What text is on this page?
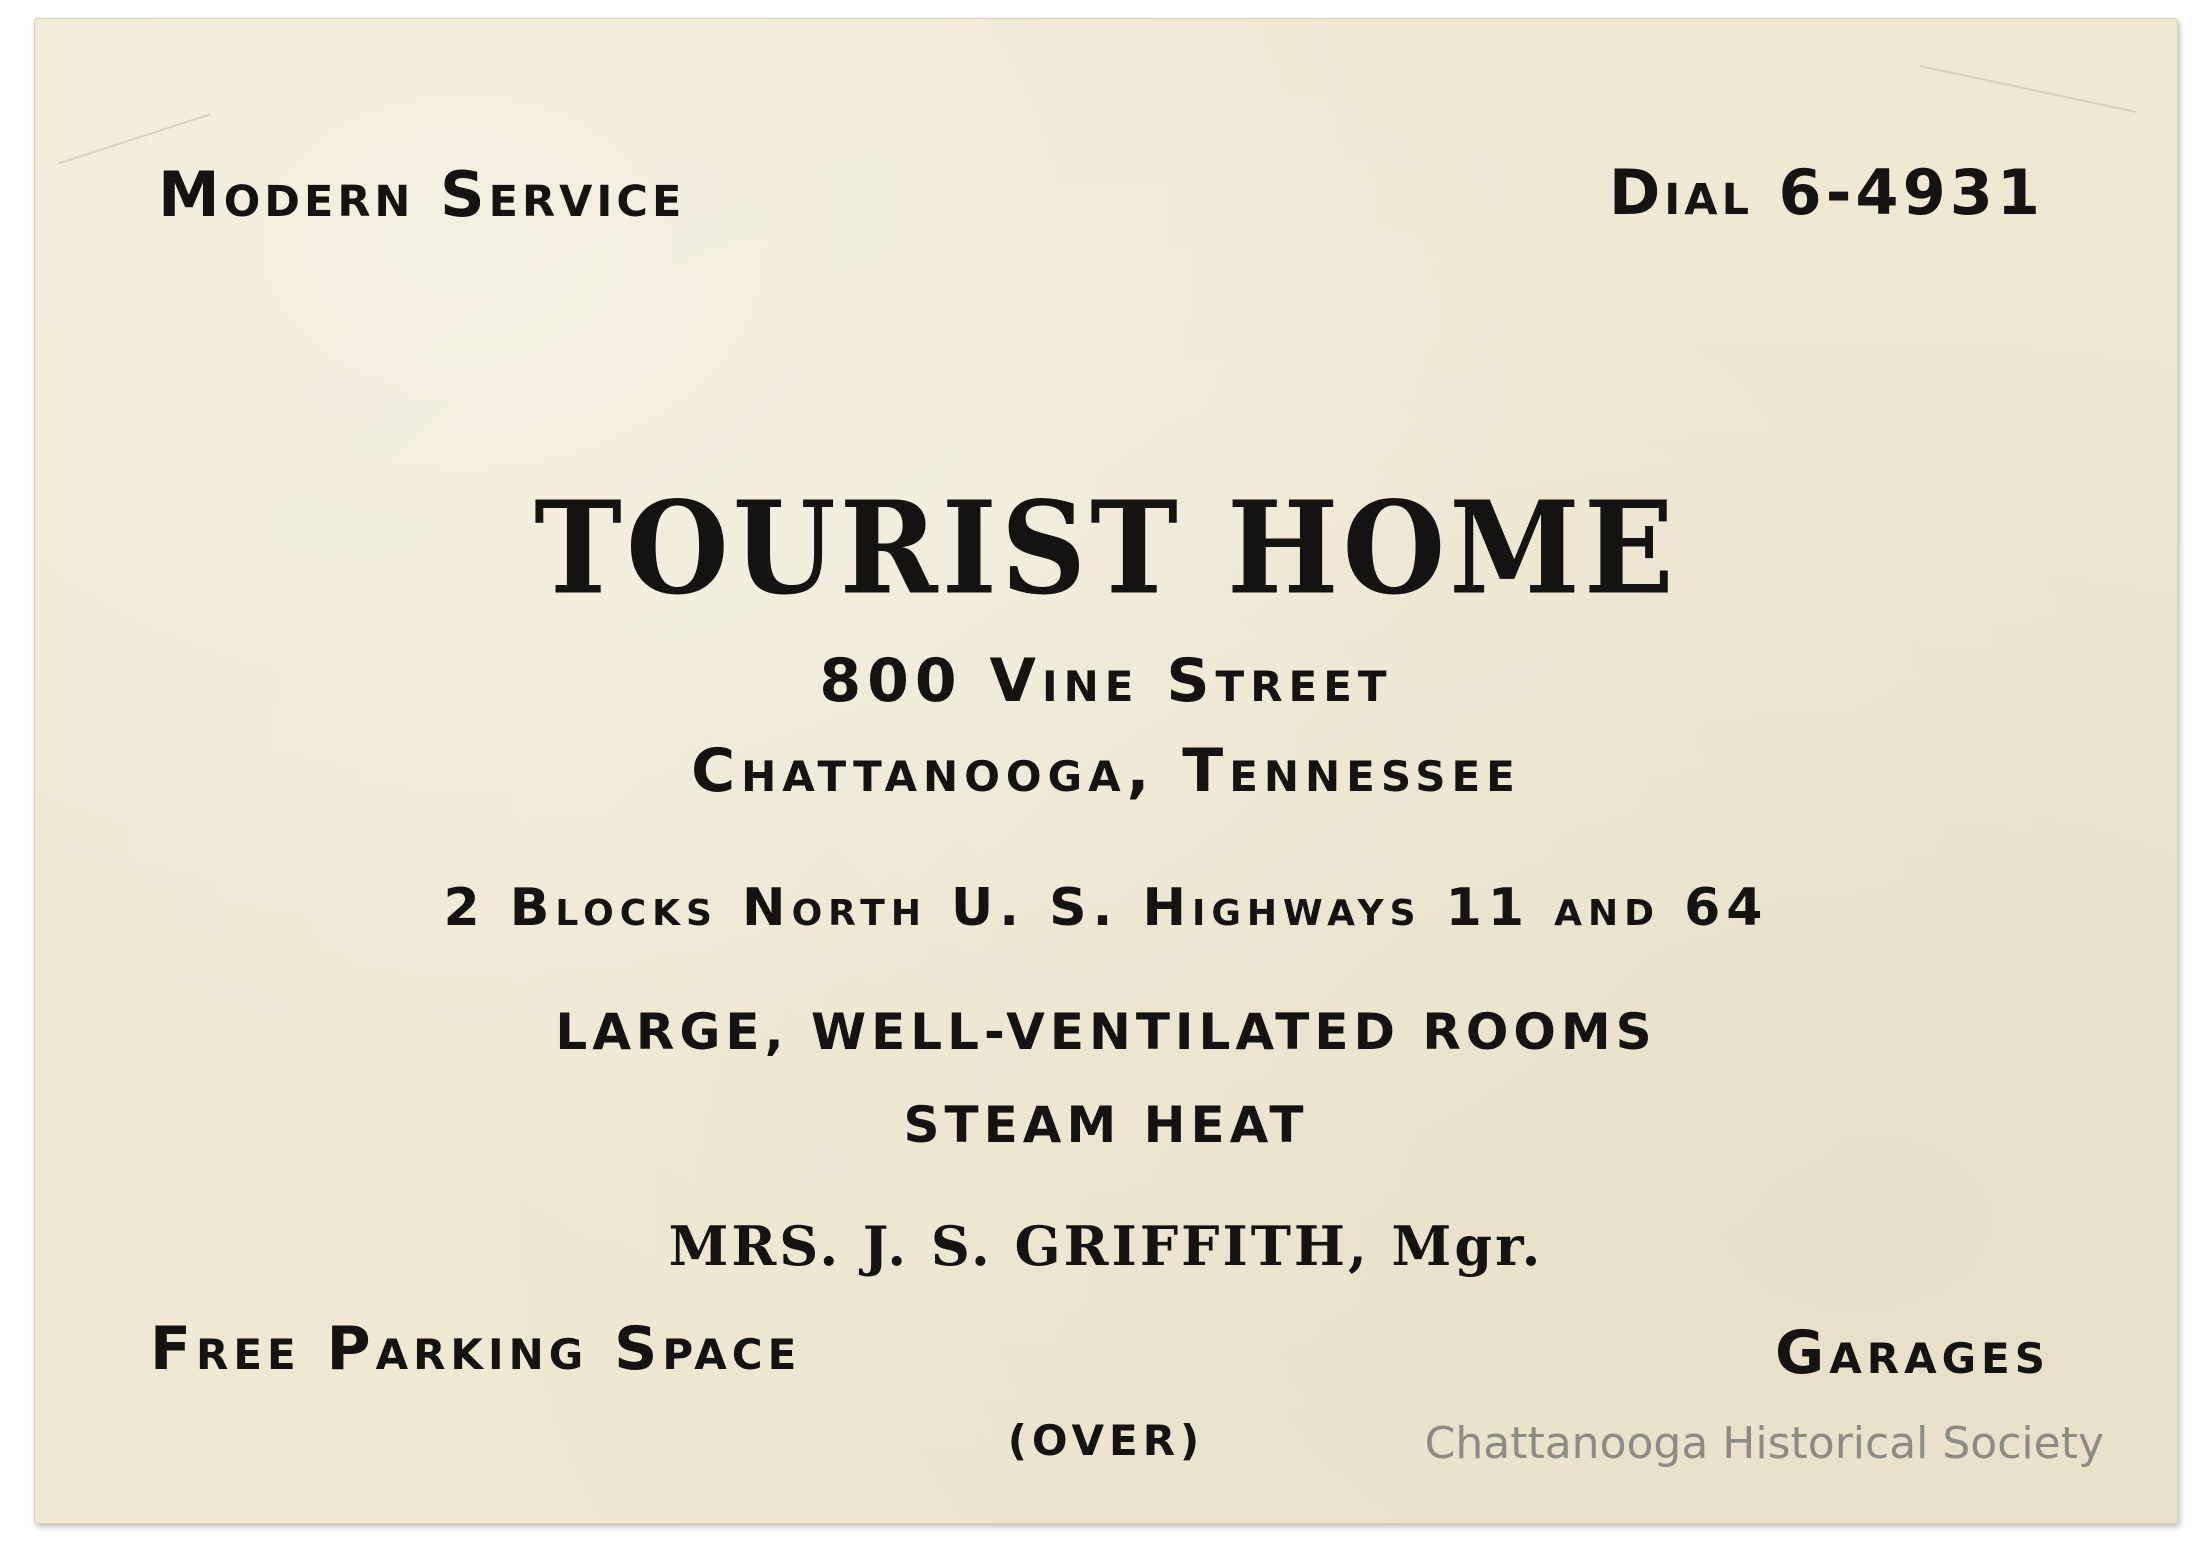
Modern Service	Dial 6-4931
TOURIST HOME
800 Vine Street
Chattanooga, Tennessee
2 Blocks North U. S. Highways 11 and 64
LARGE, WELL-VENTILATED ROOMS
STEAM HEAT
MRS. J. S. GRIFFITH, Mgr.
Free Parking Space	Garages
(OVER)	Chattanooga Historical Society
